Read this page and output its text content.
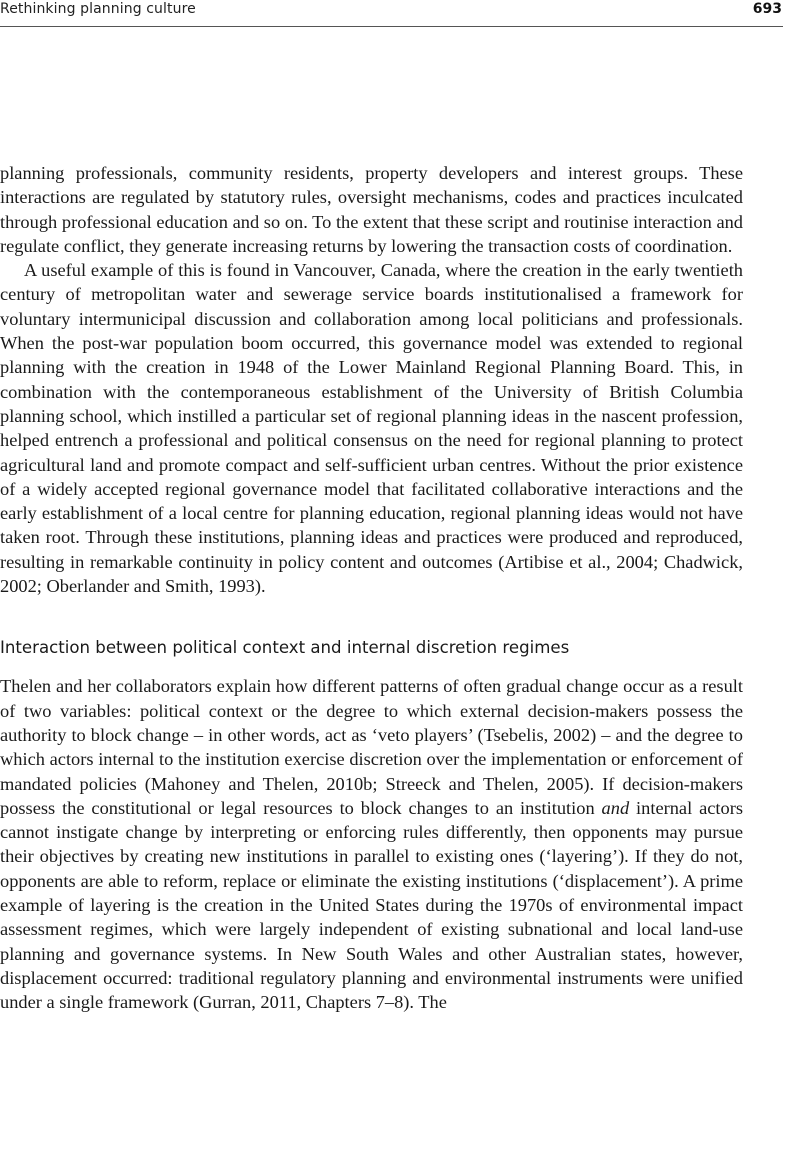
Rethinking planning culture	693

planning professionals, community residents, property developers and interest groups. These interactions are regulated by statutory rules, oversight mechanisms, codes and practices inculcated through professional education and so on. To the extent that these script and routinise interaction and regulate conflict, they generate increasing returns by lowering the transaction costs of coordination.

A useful example of this is found in Vancouver, Canada, where the creation in the early twentieth century of metropolitan water and sewerage service boards institutionalised a framework for voluntary intermunicipal discussion and collaboration among local politicians and professionals. When the post-war population boom occurred, this governance model was extended to regional planning with the creation in 1948 of the Lower Mainland Regional Planning Board. This, in combination with the contemporaneous establishment of the University of British Columbia planning school, which instilled a particular set of regional planning ideas in the nascent profession, helped entrench a professional and political consensus on the need for regional planning to protect agricultural land and promote compact and self-sufficient urban centres. Without the prior existence of a widely accepted regional governance model that facilitated collaborative interactions and the early establishment of a local centre for planning education, regional planning ideas would not have taken root. Through these institutions, planning ideas and practices were produced and reproduced, resulting in remarkable continuity in policy content and outcomes (Artibise et al., 2004; Chadwick, 2002; Oberlander and Smith, 1993).

Interaction between political context and internal discretion regimes

Thelen and her collaborators explain how different patterns of often gradual change occur as a result of two variables: political context or the degree to which external decision-makers possess the authority to block change – in other words, act as ‘veto players’ (Tsebelis, 2002) – and the degree to which actors internal to the institution exercise discretion over the implementation or enforcement of mandated policies (Mahoney and Thelen, 2010b; Streeck and Thelen, 2005). If decision-makers possess the constitutional or legal resources to block changes to an institution and internal actors cannot instigate change by interpreting or enforcing rules differently, then opponents may pursue their objectives by creating new institutions in parallel to existing ones (‘layering’). If they do not, opponents are able to reform, replace or eliminate the existing institutions (‘displacement’). A prime example of layering is the creation in the United States during the 1970s of environmental impact assessment regimes, which were largely independent of existing subnational and local land-use planning and governance systems. In New South Wales and other Australian states, however, displacement occurred: traditional regulatory planning and environmental instruments were unified under a single framework (Gurran, 2011, Chapters 7–8). The
